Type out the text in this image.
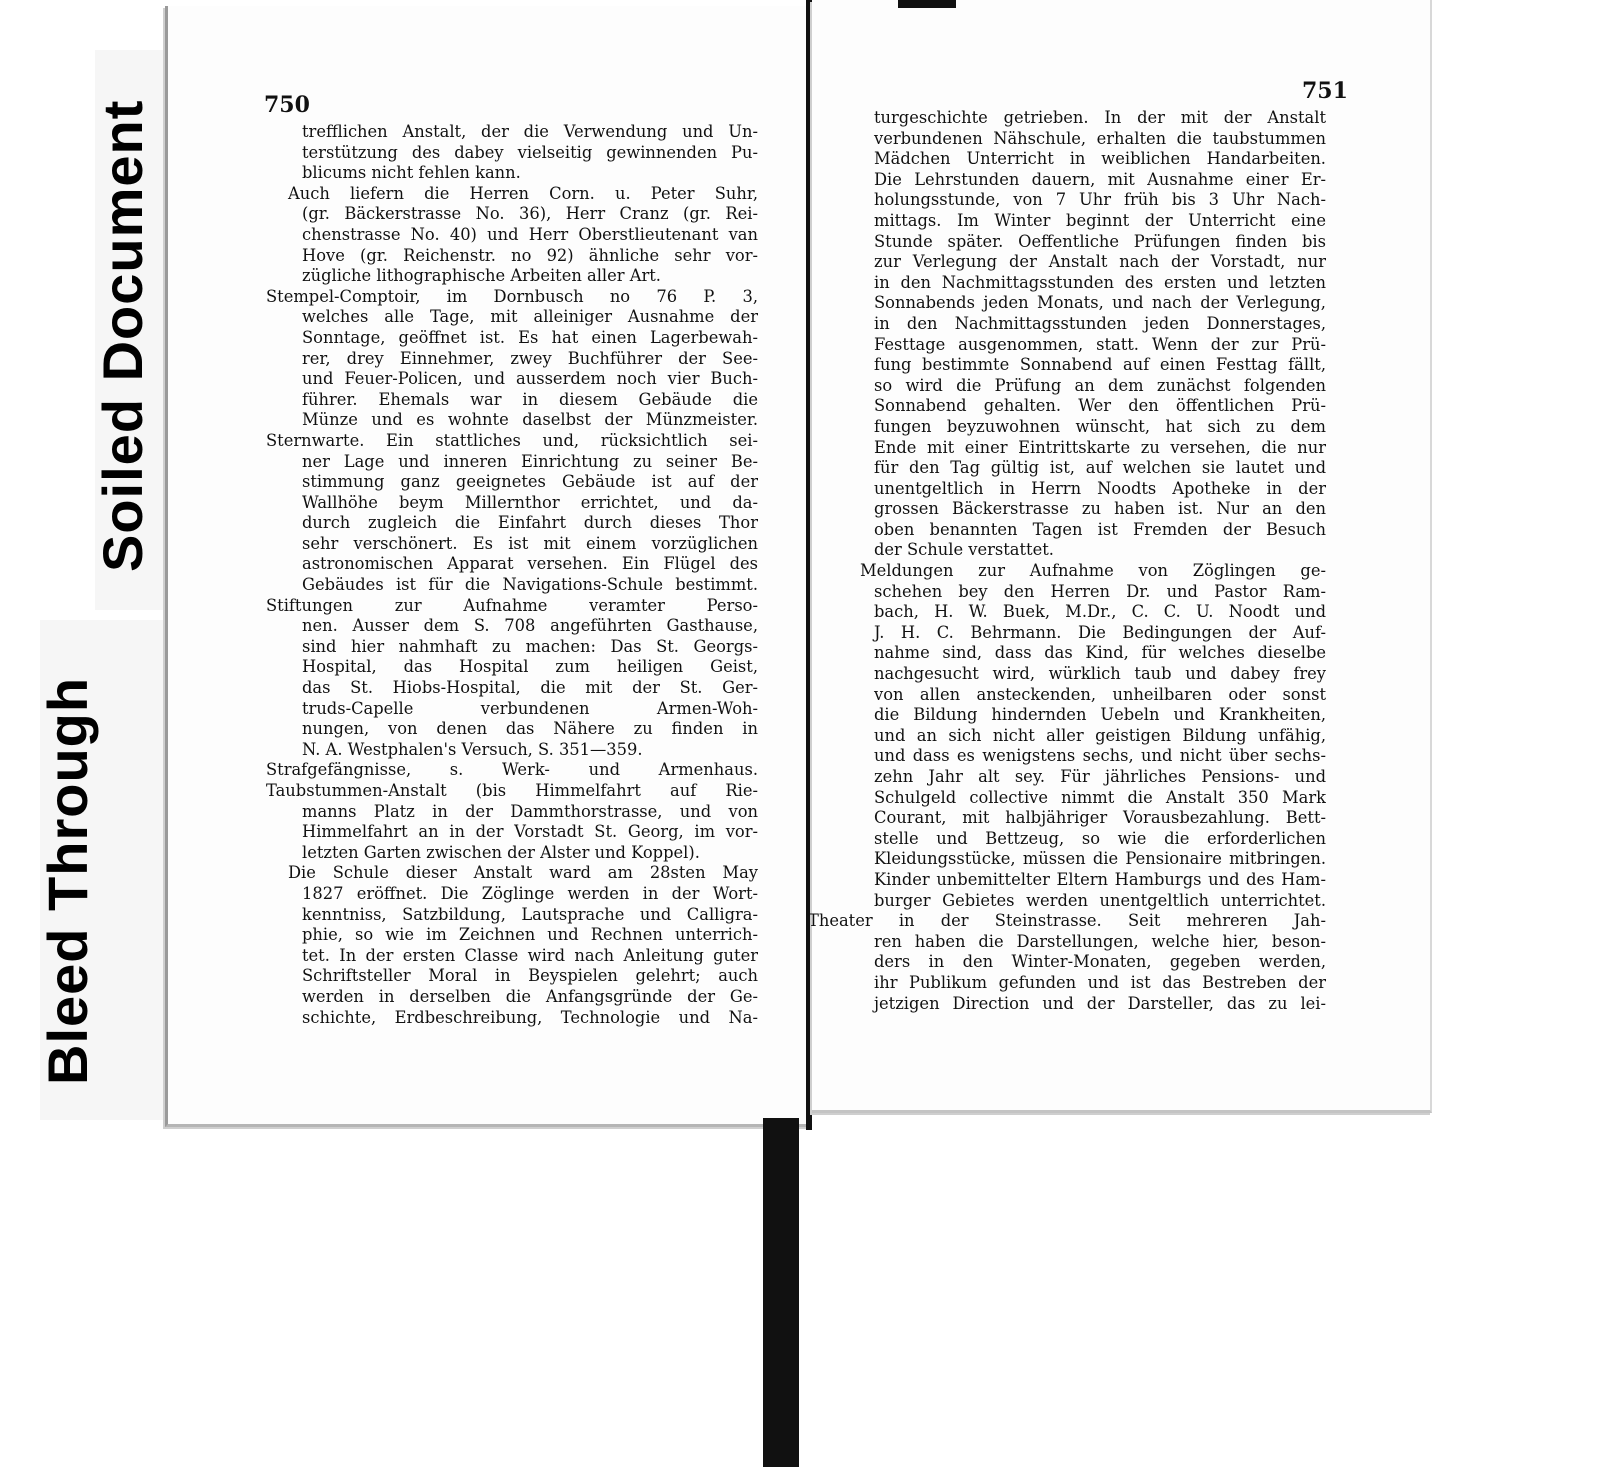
Soiled Document
Bleed Through
750
trefflichen Anstalt, der die Verwendung und Un-
terstützung des dabey vielseitig gewinnenden Pu-
blicums nicht fehlen kann.
Auch liefern die Herren Corn. u. Peter Suhr,
(gr. Bäckerstrasse No. 36), Herr Cranz (gr. Rei-
chenstrasse No. 40) und Herr Oberstlieutenant van
Hove (gr. Reichenstr. no 92) ähnliche sehr vor-
zügliche lithographische Arbeiten aller Art.
Stempel-Comptoir, im Dornbusch no 76 P. 3,
welches alle Tage, mit alleiniger Ausnahme der
Sonntage, geöffnet ist. Es hat einen Lagerbewah-
rer, drey Einnehmer, zwey Buchführer der See-
und Feuer-Policen, und ausserdem noch vier Buch-
führer. Ehemals war in diesem Gebäude die
Münze und es wohnte daselbst der Münzmeister.
Sternwarte. Ein stattliches und, rücksichtlich sei-
ner Lage und inneren Einrichtung zu seiner Be-
stimmung ganz geeignetes Gebäude ist auf der
Wallhöhe beym Millernthor errichtet, und da-
durch zugleich die Einfahrt durch dieses Thor
sehr verschönert. Es ist mit einem vorzüglichen
astronomischen Apparat versehen. Ein Flügel des
Gebäudes ist für die Navigations-Schule bestimmt.
Stiftungen zur Aufnahme veramter Perso-
nen. Ausser dem S. 708 angeführten Gasthause,
sind hier nahmhaft zu machen: Das St. Georgs-
Hospital, das Hospital zum heiligen Geist,
das St. Hiobs-Hospital, die mit der St. Ger-
truds-Capelle verbundenen Armen-Woh-
nungen, von denen das Nähere zu finden in
N. A. Westphalen's Versuch, S. 351—359.
Strafgefängnisse, s. Werk- und Armenhaus.
Taubstummen-Anstalt (bis Himmelfahrt auf Rie-
manns Platz in der Dammthorstrasse, und von
Himmelfahrt an in der Vorstadt St. Georg, im vor-
letzten Garten zwischen der Alster und Koppel).
Die Schule dieser Anstalt ward am 28sten May
1827 eröffnet. Die Zöglinge werden in der Wort-
kenntniss, Satzbildung, Lautsprache und Calligra-
phie, so wie im Zeichnen und Rechnen unterrich-
tet. In der ersten Classe wird nach Anleitung guter
Schriftsteller Moral in Beyspielen gelehrt; auch
werden in derselben die Anfangsgründe der Ge-
schichte, Erdbeschreibung, Technologie und Na-
751
turgeschichte getrieben. In der mit der Anstalt
verbundenen Nähschule, erhalten die taubstummen
Mädchen Unterricht in weiblichen Handarbeiten.
Die Lehrstunden dauern, mit Ausnahme einer Er-
holungsstunde, von 7 Uhr früh bis 3 Uhr Nach-
mittags. Im Winter beginnt der Unterricht eine
Stunde später. Oeffentliche Prüfungen finden bis
zur Verlegung der Anstalt nach der Vorstadt, nur
in den Nachmittagsstunden des ersten und letzten
Sonnabends jeden Monats, und nach der Verlegung,
in den Nachmittagsstunden jeden Donnerstages,
Festtage ausgenommen, statt. Wenn der zur Prü-
fung bestimmte Sonnabend auf einen Festtag fällt,
so wird die Prüfung an dem zunächst folgenden
Sonnabend gehalten. Wer den öffentlichen Prü-
fungen beyzuwohnen wünscht, hat sich zu dem
Ende mit einer Eintrittskarte zu versehen, die nur
für den Tag gültig ist, auf welchen sie lautet und
unentgeltlich in Herrn Noodts Apotheke in der
grossen Bäckerstrasse zu haben ist. Nur an den
oben benannten Tagen ist Fremden der Besuch
der Schule verstattet.
Meldungen zur Aufnahme von Zöglingen ge-
schehen bey den Herren Dr. und Pastor Ram-
bach, H. W. Buek, M.Dr., C. C. U. Noodt und
J. H. C. Behrmann. Die Bedingungen der Auf-
nahme sind, dass das Kind, für welches dieselbe
nachgesucht wird, würklich taub und dabey frey
von allen ansteckenden, unheilbaren oder sonst
die Bildung hindernden Uebeln und Krankheiten,
und an sich nicht aller geistigen Bildung unfähig,
und dass es wenigstens sechs, und nicht über sechs-
zehn Jahr alt sey. Für jährliches Pensions- und
Schulgeld collective nimmt die Anstalt 350 Mark
Courant, mit halbjähriger Vorausbezahlung. Bett-
stelle und Bettzeug, so wie die erforderlichen
Kleidungsstücke, müssen die Pensionaire mitbringen.
Kinder unbemittelter Eltern Hamburgs und des Ham-
burger Gebietes werden unentgeltlich unterrichtet.
Theater in der Steinstrasse. Seit mehreren Jah-
ren haben die Darstellungen, welche hier, beson-
ders in den Winter-Monaten, gegeben werden,
ihr Publikum gefunden und ist das Bestreben der
jetzigen Direction und der Darsteller, das zu lei-
